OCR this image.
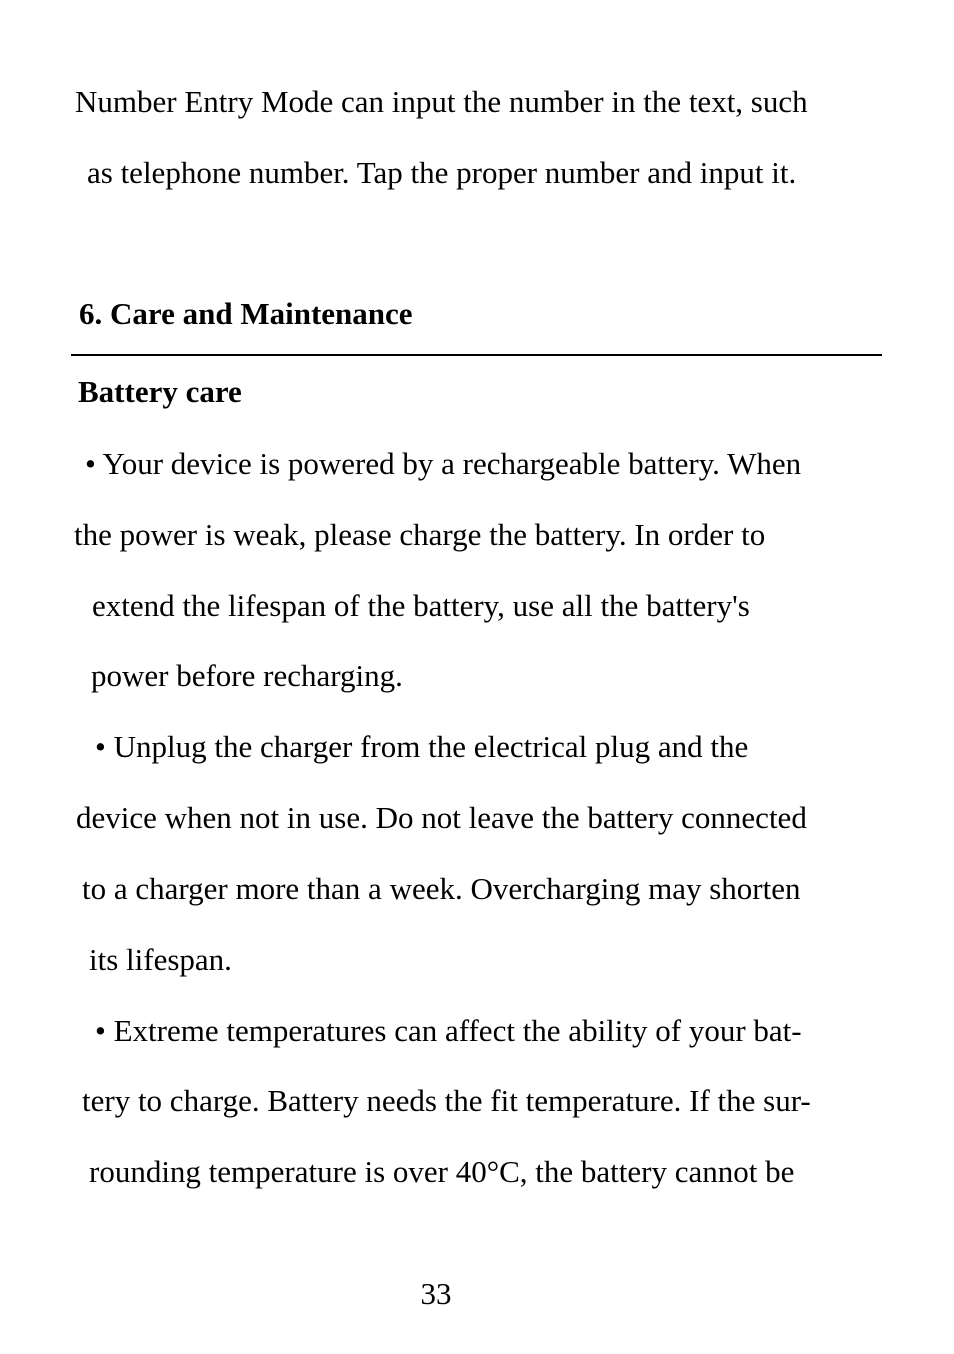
Number Entry Mode can input the number in the text, such

as telephone number. Tap the proper number and input it.

6. Care and Maintenance
Battery care

• Your device is powered by a rechargeable battery. When

the power is weak, please charge the battery. In order to

extend the lifespan of the battery, use all the battery's

power before recharging.

• Unplug the charger from the electrical plug and the

device when not in use. Do not leave the battery connected

to a charger more than a week. Overcharging may shorten

its lifespan.

• Extreme temperatures can affect the ability of your bat-

tery to charge. Battery needs the fit temperature. If the sur-

rounding temperature is over 40°C, the battery cannot be

33
